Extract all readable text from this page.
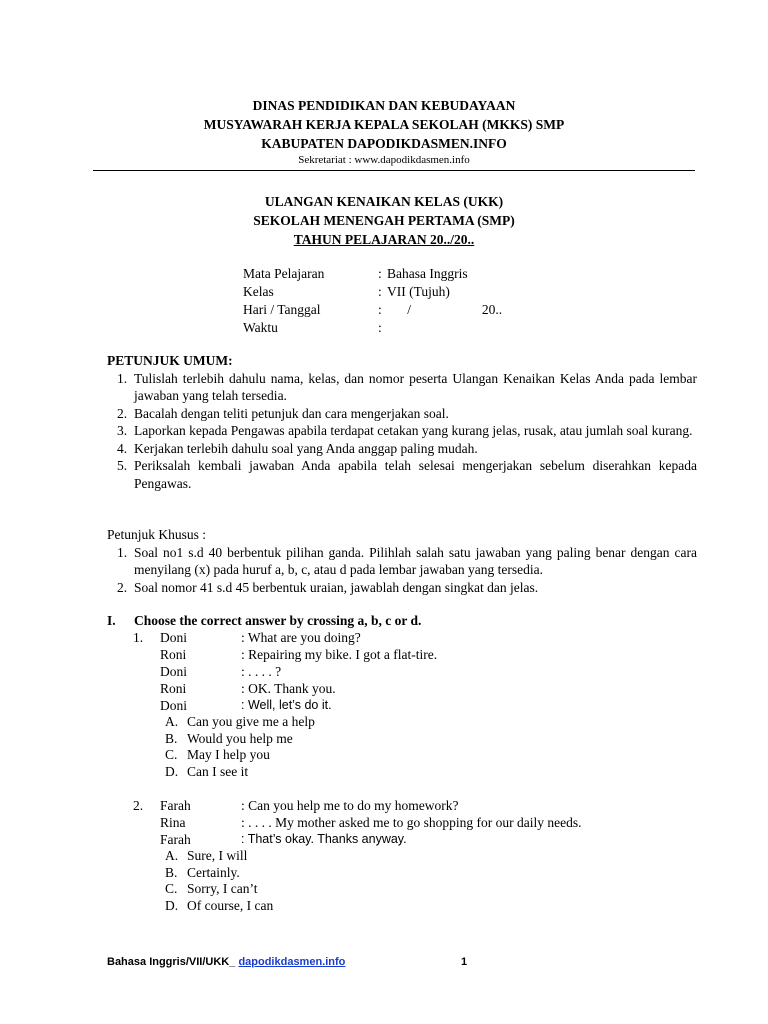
DINAS PENDIDIKAN DAN KEBUDAYAAN
MUSYAWARAH KERJA KEPALA SEKOLAH (MKKS) SMP
KABUPATEN DAPODIKDASMEN.INFO
Sekretariat : www.dapodikdasmen.info
ULANGAN KENAIKAN KELAS (UKK)
SEKOLAH MENENGAH PERTAMA (SMP)
TAHUN PELAJARAN 20../20..
Mata Pelajaran	: Bahasa Inggris
Kelas	: VII (Tujuh)
Hari / Tanggal	: /                     20..
Waktu	:
PETUNJUK UMUM:
1. Tulislah terlebih dahulu nama, kelas, dan nomor peserta Ulangan Kenaikan Kelas Anda pada lembar jawaban yang telah tersedia.
2. Bacalah dengan teliti petunjuk dan cara mengerjakan soal.
3. Laporkan kepada Pengawas apabila terdapat cetakan yang kurang jelas, rusak, atau jumlah soal kurang.
4. Kerjakan terlebih dahulu soal yang Anda anggap paling mudah.
5. Periksalah kembali jawaban Anda apabila telah selesai mengerjakan sebelum diserahkan kepada Pengawas.
Petunjuk Khusus :
1. Soal no1 s.d 40 berbentuk pilihan ganda. Pilihlah salah satu jawaban yang paling benar dengan cara menyilang (x) pada huruf a, b, c, atau d pada lembar jawaban yang tersedia.
2. Soal nomor 41 s.d 45 berbentuk uraian, jawablah dengan singkat dan jelas.
I. Choose the correct answer by crossing a, b, c or d.
1. Doni	: What are you doing?
Roni	: Repairing my bike. I got a flat-tire.
Doni	: . . . . ?
Roni	: OK. Thank you.
Doni	: Well, let’s do it.
A. Can you give me a help
B. Would you help me
C. May I help you
D. Can I see it
2. Farah	: Can you help me to do my homework?
Rina	: . . . . My mother asked me to go shopping for our daily needs.
Farah	: That’s okay. Thanks anyway.
A. Sure, I will
B. Certainly.
C. Sorry, I can’t
D. Of course, I can
Bahasa Inggris/VII/UKK_ dapodikdasmen.info	1
